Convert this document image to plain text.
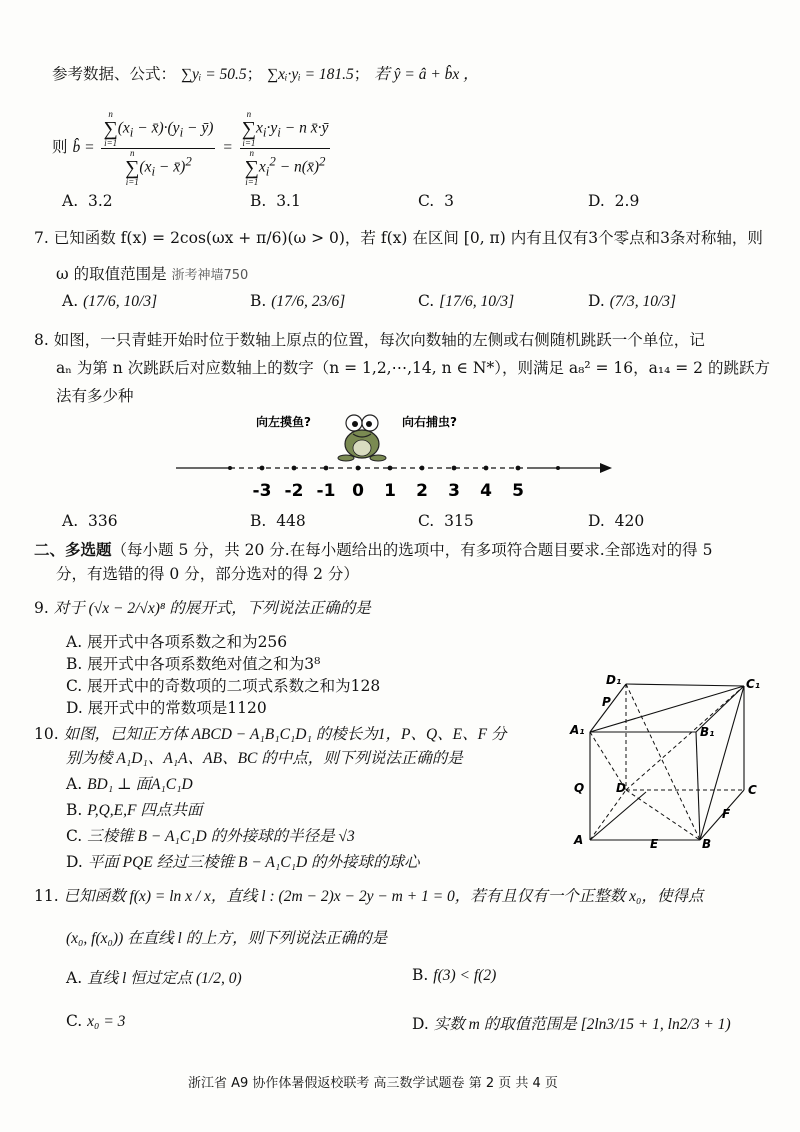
参考数据、公式： ∑yᵢ = 50.5； ∑xᵢ·yᵢ = 181.5； 若 ŷ = â + b̂x ，
则 b̂ = n
∑
i=1
($x_i$ − $x̄)\cdot(y_i$ − ȳ)
n
∑
i=1
($x_i$ − x̄)$^2$ = n
∑
i=1
$x_i\cdot y_i - n$ x̄·ȳ
n
∑
i=1
$x_i^2$ − n(x̄)$^2$
A. 3.2	B. 3.1	C. 3	D. 2.9
7. 已知函数 f(x) = 2cos(ωx + π/6)(ω > 0)，若 f(x) 在区间 [0, π) 内有且仅有3个零点和3条对称轴，则
ω 的取值范围是 浙考神墙750
A. (17/6, 10/3]	B. (17/6, 23/6]	C. [17/6, 10/3]	D. (7/3, 10/3]
8. 如图，一只青蛙开始时位于数轴上原点的位置，每次向数轴的左侧或右侧随机跳跃一个单位，记
aₙ 为第 n 次跳跃后对应数轴上的数字（n = 1,2,⋯,14, n ∈ N*），则满足 a₈² = 16，a₁₄ = 2 的跳跃方
法有多少种
向左摸鱼?	向右捕虫?
-3 -2 -1 0 1 2 3 4 5
A. 336	B. 448	C. 315	D. 420
二、多选题（每小题 5 分，共 20 分.在每小题给出的选项中，有多项符合题目要求.全部选对的得 5
分，有选错的得 0 分，部分选对的得 2 分）
9. 对于 (√x − 2/√x)⁸ 的展开式，下列说法正确的是
A. 展开式中各项系数之和为256
B. 展开式中各项系数绝对值之和为3⁸
C. 展开式中的奇数项的二项式系数之和为128
D. 展开式中的常数项是1120
10. 如图，已知正方体 ABCD − A₁B₁C₁D₁ 的棱长为1，P、Q、E、F 分
别为棱 A₁D₁、A₁A、AB、BC 的中点，则下列说法正确的是
A. BD₁ ⊥ 面A₁C₁D
B. P,Q,E,F 四点共面
C. 三棱锥 B − A₁C₁D 的外接球的半径是 √3
D. 平面 PQE 经过三棱锥 B − A₁C₁D 的外接球的球心
D₁	C₁
P
A₁	B₁
Q	D	C
F
A	E	B
11. 已知函数 f(x) = ln x / x，直线 l : (2m − 2)x − 2y − m + 1 = 0，若有且仅有一个正整数 x₀，使得点
(x₀, f(x₀)) 在直线 l 的上方，则下列说法正确的是
A. 直线 l 恒过定点 (1/2, 0)	B. f(3) < f(2)
C. x₀ = 3	D. 实数 m 的取值范围是 [2ln3/15 + 1, ln2/3 + 1)
浙江省 A9 协作体暑假返校联考 高三数学试题卷 第 2 页 共 4 页
